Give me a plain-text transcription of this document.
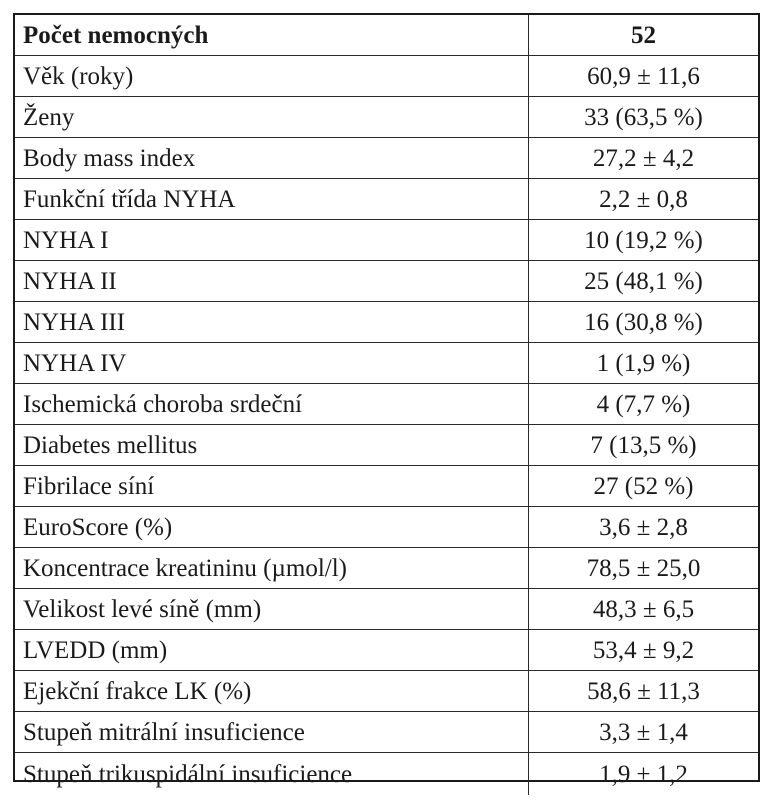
Počet nemocných	52
Věk (roky)	60,9 ± 11,6
Ženy	33 (63,5 %)
Body mass index	27,2 ± 4,2
Funkční třída NYHA	2,2 ± 0,8
NYHA I	10 (19,2 %)
NYHA II	25 (48,1 %)
NYHA III	16 (30,8 %)
NYHA IV	1 (1,9 %)
Ischemická choroba srdeční	4 (7,7 %)
Diabetes mellitus	7 (13,5 %)
Fibrilace síní	27 (52 %)
EuroScore (%)	3,6 ± 2,8
Koncentrace kreatininu (µmol/l)	78,5 ± 25,0
Velikost levé síně (mm)	48,3 ± 6,5
LVEDD (mm)	53,4 ± 9,2
Ejekční frakce LK (%)	58,6 ± 11,3
Stupeň mitrální insuficience	3,3 ± 1,4
Stupeň trikuspidální insuficience	1,9 ± 1,2
